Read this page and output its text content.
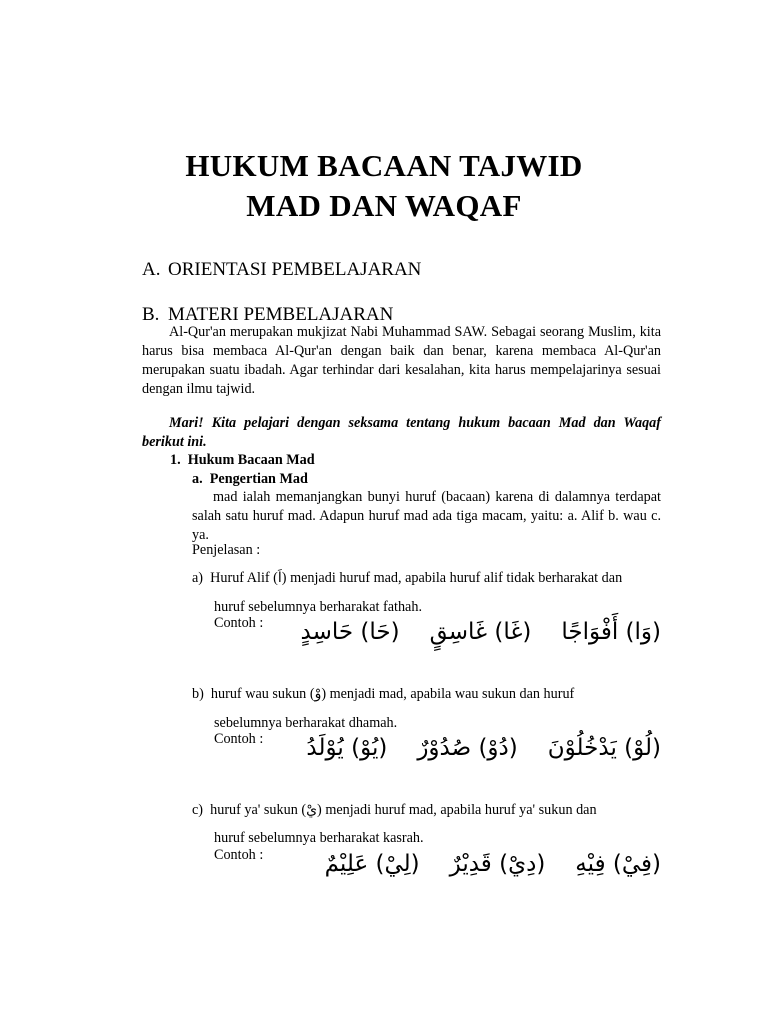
HUKUM BACAAN TAJWID
MAD DAN WAQAF
A. ORIENTASI PEMBELAJARAN
B. MATERI PEMBELAJARAN
Al-Qur'an merupakan mukjizat Nabi Muhammad SAW. Sebagai seorang Muslim, kita harus bisa membaca Al-Qur'an dengan baik dan benar, karena membaca Al-Qur'an merupakan suatu ibadah. Agar terhindar dari kesalahan, kita harus mempelajarinya sesuai dengan ilmu tajwid.
Mari! Kita pelajari dengan seksama tentang hukum bacaan Mad dan Waqaf berikut ini.
1. Hukum Bacaan Mad
a. Pengertian Mad
mad ialah memanjangkan bunyi huruf (bacaan) karena di dalamnya terdapat salah satu huruf mad. Adapun huruf mad ada tiga macam, yaitu: a. Alif b. wau c. ya.
Penjelasan :
a) Huruf Alif (اَ) menjadi huruf mad, apabila huruf alif tidak berharakat dan
huruf sebelumnya berharakat fathah.
Contoh :	(وَا) أَفْوَاجًا(غَا) غَاسِقٍ(حَا) حَاسِدٍ
b) huruf wau sukun (وْ) menjadi mad, apabila wau sukun dan huruf
sebelumnya berharakat dhamah.
Contoh :	(لُوْ) يَدْخُلُوْنَ(دُوْ) صُدُوْرٌ(يُوْ) يُوْلَدُ
c) huruf ya' sukun (يْ) menjadi huruf mad, apabila huruf ya' sukun dan
huruf sebelumnya berharakat kasrah.
Contoh :	(فِيْ) فِيْهِ(دِيْ) قَدِيْرٌ(لِيْ) عَلِيْمٌ
